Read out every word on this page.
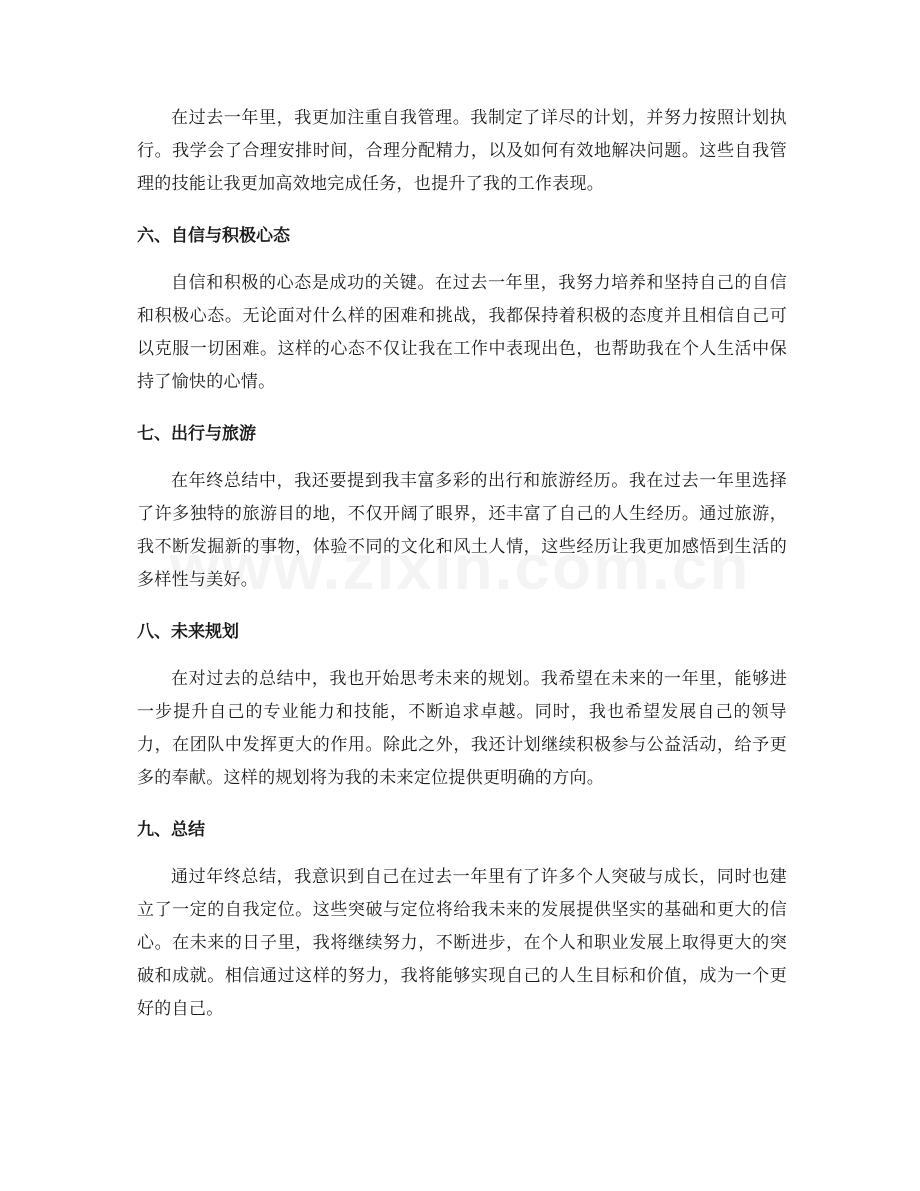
在过去一年里，我更加注重自我管理。我制定了详尽的计划，并努力按照计划执行。我学会了合理安排时间，合理分配精力，以及如何有效地解决问题。这些自我管理的技能让我更加高效地完成任务，也提升了我的工作表现。

六、自信与积极心态

自信和积极的心态是成功的关键。在过去一年里，我努力培养和坚持自己的自信和积极心态。无论面对什么样的困难和挑战，我都保持着积极的态度并且相信自己可以克服一切困难。这样的心态不仅让我在工作中表现出色，也帮助我在个人生活中保持了愉快的心情。

七、出行与旅游

在年终总结中，我还要提到我丰富多彩的出行和旅游经历。我在过去一年里选择了许多独特的旅游目的地，不仅开阔了眼界，还丰富了自己的人生经历。通过旅游，我不断发掘新的事物，体验不同的文化和风土人情，这些经历让我更加感悟到生活的多样性与美好。

八、未来规划

在对过去的总结中，我也开始思考未来的规划。我希望在未来的一年里，能够进一步提升自己的专业能力和技能，不断追求卓越。同时，我也希望发展自己的领导力，在团队中发挥更大的作用。除此之外，我还计划继续积极参与公益活动，给予更多的奉献。这样的规划将为我的未来定位提供更明确的方向。

九、总结

通过年终总结，我意识到自己在过去一年里有了许多个人突破与成长，同时也建立了一定的自我定位。这些突破与定位将给我未来的发展提供坚实的基础和更大的信心。在未来的日子里，我将继续努力，不断进步，在个人和职业发展上取得更大的突破和成就。相信通过这样的努力，我将能够实现自己的人生目标和价值，成为一个更好的自己。
